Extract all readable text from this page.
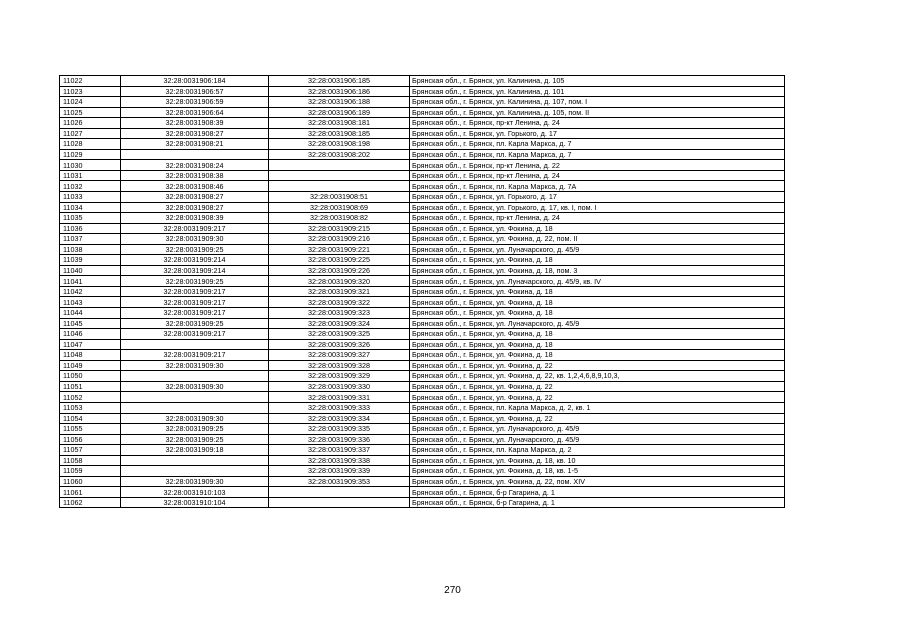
11022	32:28:0031906:184	32:28:0031906:185	Брянская обл., г. Брянск, ул. Калинина, д. 105
11023	32:28:0031906:57	32:28:0031906:186	Брянская обл., г. Брянск, ул. Калинина, д. 101
11024	32:28:0031906:59	32:28:0031906:188	Брянская обл., г. Брянск, ул. Калинина, д. 107, пом. I
11025	32:28:0031906:64	32:28:0031906:189	Брянская обл., г. Брянск, ул. Калинина, д. 105, пом. II
11026	32:28:0031908:39	32:28:0031908:181	Брянская обл., г. Брянск, пр-кт Ленина, д. 24
11027	32:28:0031908:27	32:28:0031908:185	Брянская обл., г. Брянск, ул. Горького, д. 17
11028	32:28:0031908:21	32:28:0031908:198	Брянская обл., г. Брянск, пл. Карла Маркса, д. 7
11029		32:28:0031908:202	Брянская обл., г. Брянск, пл. Карла Маркса, д. 7
11030	32:28:0031908:24		Брянская обл., г. Брянск, пр-кт Ленина, д. 22
11031	32:28:0031908:38		Брянская обл., г. Брянск, пр-кт Ленина, д. 24
11032	32:28:0031908:46		Брянская обл., г. Брянск, пл. Карла Маркса, д. 7А
11033	32:28:0031908:27	32:28:0031908:51	Брянская обл., г. Брянск, ул. Горького, д. 17
11034	32:28:0031908:27	32:28:0031908:69	Брянская обл., г. Брянск, ул. Горького, д. 17, кв. I, пом. I
11035	32:28:0031908:39	32:28:0031908:82	Брянская обл., г. Брянск, пр-кт Ленина, д. 24
11036	32:28:0031909:217	32:28:0031909:215	Брянская обл., г. Брянск, ул. Фокина, д. 18
11037	32:28:0031909:30	32:28:0031909:216	Брянская обл., г. Брянск, ул. Фокина, д. 22, пом. II
11038	32:28:0031909:25	32:28:0031909:221	Брянская обл., г. Брянск, ул. Луначарского, д. 45/9
11039	32:28:0031909:214	32:28:0031909:225	Брянская обл., г. Брянск, ул. Фокина, д. 18
11040	32:28:0031909:214	32:28:0031909:226	Брянская обл., г. Брянск, ул. Фокина, д. 18, пом. 3
11041	32:28:0031909:25	32:28:0031909:320	Брянская обл., г. Брянск, ул. Луначарского, д. 45/9, кв. IV
11042	32:28:0031909:217	32:28:0031909:321	Брянская обл., г. Брянск, ул. Фокина, д. 18
11043	32:28:0031909:217	32:28:0031909:322	Брянская обл., г. Брянск, ул. Фокина, д. 18
11044	32:28:0031909:217	32:28:0031909:323	Брянская обл., г. Брянск, ул. Фокина, д. 18
11045	32:28:0031909:25	32:28:0031909:324	Брянская обл., г. Брянск, ул. Луначарского, д. 45/9
11046	32:28:0031909:217	32:28:0031909:325	Брянская обл., г. Брянск, ул. Фокина, д. 18
11047		32:28:0031909:326	Брянская обл., г. Брянск, ул. Фокина, д. 18
11048	32:28:0031909:217	32:28:0031909:327	Брянская обл., г. Брянск, ул. Фокина, д. 18
11049	32:28:0031909:30	32:28:0031909:328	Брянская обл., г. Брянск, ул. Фокина, д. 22
11050		32:28:0031909:329	Брянская обл., г. Брянск, ул. Фокина, д. 22, кв. 1,2,4,6,8,9,10,3,
11051	32:28:0031909:30	32:28:0031909:330	Брянская обл., г. Брянск, ул. Фокина, д. 22
11052		32:28:0031909:331	Брянская обл., г. Брянск, ул. Фокина, д. 22
11053		32:28:0031909:333	Брянская обл., г. Брянск, пл. Карла Маркса, д. 2, кв. 1
11054	32:28:0031909:30	32:28:0031909:334	Брянская обл., г. Брянск, ул. Фокина, д. 22
11055	32:28:0031909:25	32:28:0031909:335	Брянская обл., г. Брянск, ул. Луначарского, д. 45/9
11056	32:28:0031909:25	32:28:0031909:336	Брянская обл., г. Брянск, ул. Луначарского, д. 45/9
11057	32:28:0031909:18	32:28:0031909:337	Брянская обл., г. Брянск, пл. Карла Маркса, д. 2
11058		32:28:0031909:338	Брянская обл., г. Брянск, ул. Фокина, д. 18, кв. 10
11059		32:28:0031909:339	Брянская обл., г. Брянск, ул. Фокина, д. 18, кв. 1-5
11060	32:28:0031909:30	32:28:0031909:353	Брянская обл., г. Брянск, ул. Фокина, д. 22, пом. XIV
11061	32:28:0031910:103		Брянская обл., г. Брянск, б-р Гагарина, д. 1
11062	32:28:0031910:104		Брянская обл., г. Брянск, б-р Гагарина, д. 1
270
